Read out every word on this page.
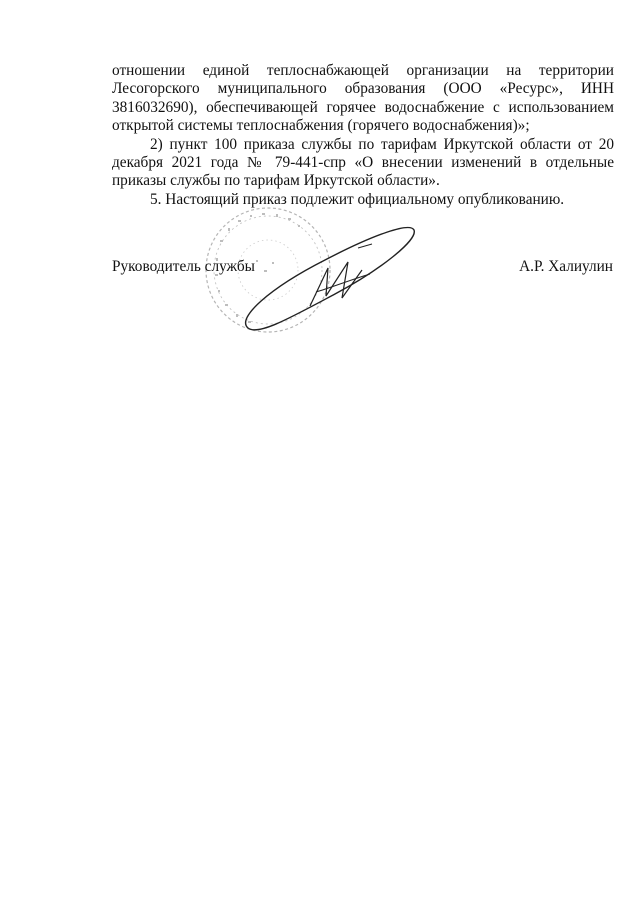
отношении единой теплоснабжающей организации на территории Лесогорского муниципального образования (ООО «Ресурс», ИНН 3816032690), обеспечивающей горячее водоснабжение с использованием открытой системы теплоснабжения (горячего водоснабжения)»;

2) пункт 100 приказа службы по тарифам Иркутской области от 20 декабря 2021 года № 79-441-спр «О внесении изменений в отдельные приказы службы по тарифам Иркутской области».

5. Настоящий приказ подлежит официальному опубликованию.

Руководитель службы	А.Р. Халиулин
